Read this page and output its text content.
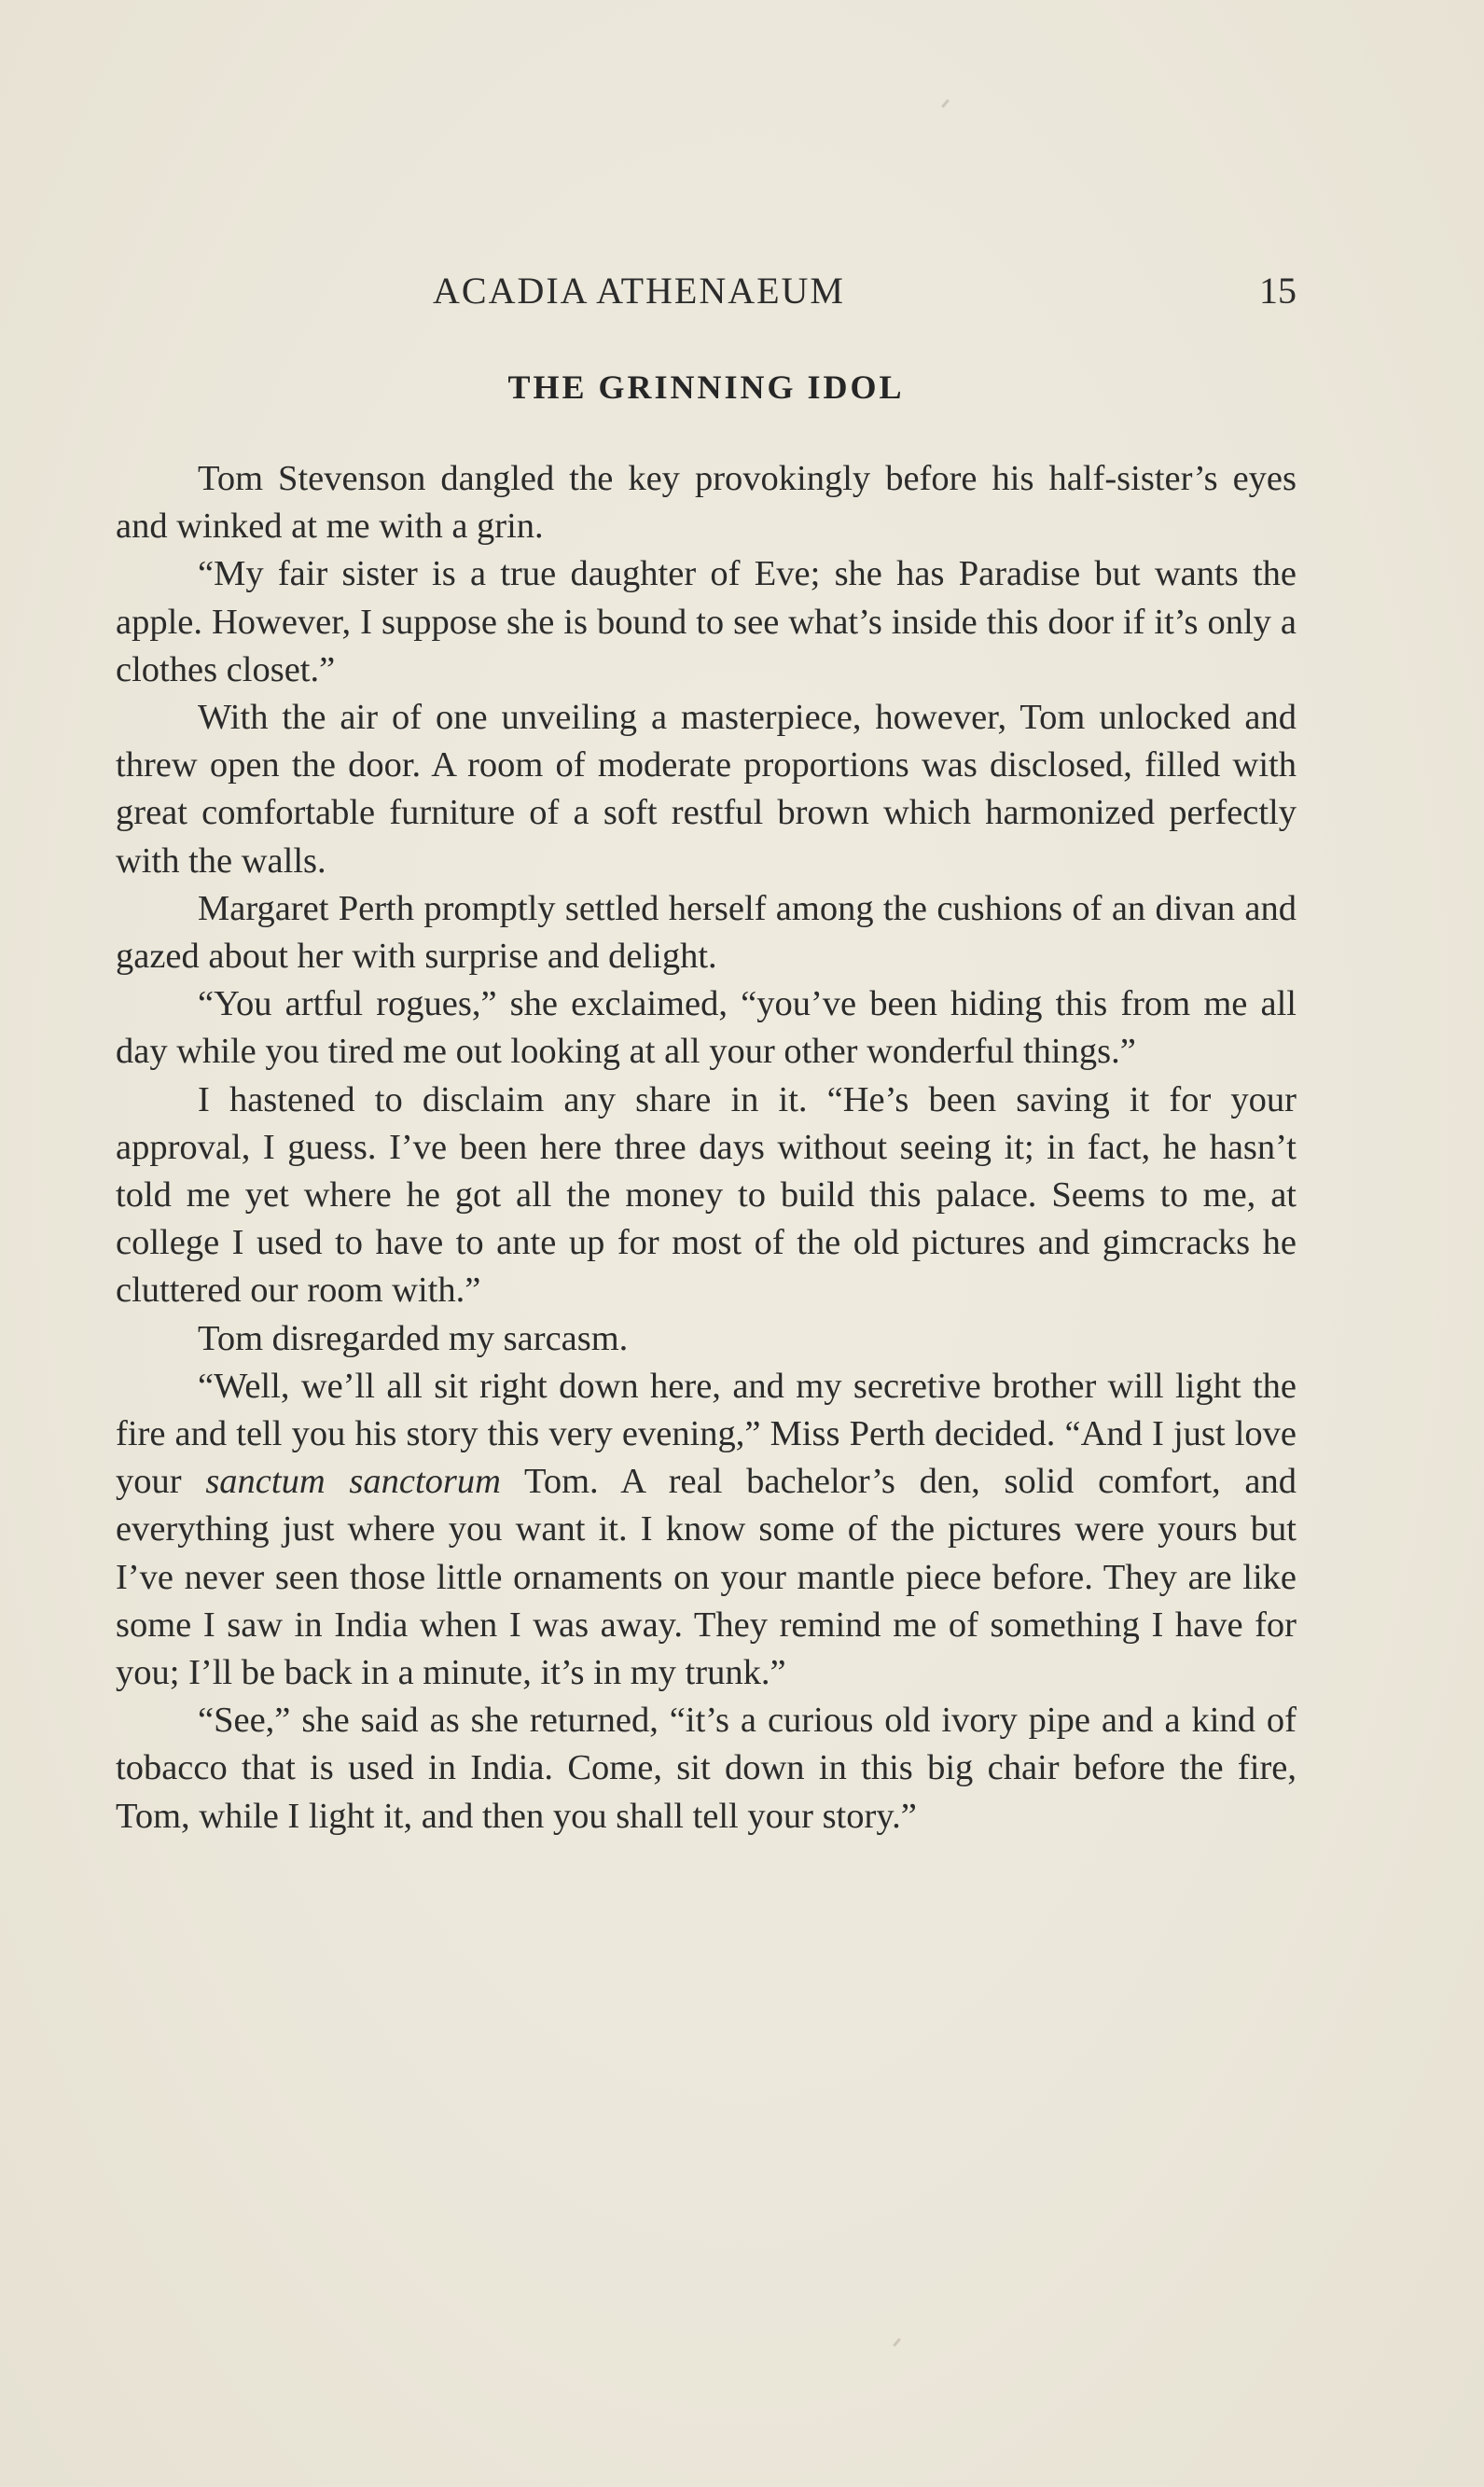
ACADIA ATHENAEUM	15
THE GRINNING IDOL

Tom Stevenson dangled the key provokingly before his half-sister’s eyes and winked at me with a grin.

“My fair sister is a true daughter of Eve; she has Paradise but wants the apple. However, I suppose she is bound to see what’s inside this door if it’s only a clothes closet.”

With the air of one unveiling a masterpiece, however, Tom unlocked and threw open the door. A room of moderate proportions was disclosed, filled with great comfortable furniture of a soft restful brown which harmonized perfectly with the walls.

Margaret Perth promptly settled herself among the cushions of an divan and gazed about her with surprise and delight.

“You artful rogues,” she exclaimed, “you’ve been hiding this from me all day while you tired me out looking at all your other wonderful things.”

I hastened to disclaim any share in it. “He’s been saving it for your approval, I guess. I’ve been here three days without seeing it; in fact, he hasn’t told me yet where he got all the money to build this palace. Seems to me, at college I used to have to ante up for most of the old pictures and gimcracks he cluttered our room with.”

Tom disregarded my sarcasm.

“Well, we’ll all sit right down here, and my secretive brother will light the fire and tell you his story this very evening,” Miss Perth decided. “And I just love your sanctum sanctorum Tom. A real bachelor’s den, solid comfort, and everything just where you want it. I know some of the pictures were yours but I’ve never seen those little ornaments on your mantle piece before. They are like some I saw in India when I was away. They remind me of something I have for you; I’ll be back in a minute, it’s in my trunk.”

“See,” she said as she returned, “it’s a curious old ivory pipe and a kind of tobacco that is used in India. Come, sit down in this big chair before the fire, Tom, while I light it, and then you shall tell your story.”
